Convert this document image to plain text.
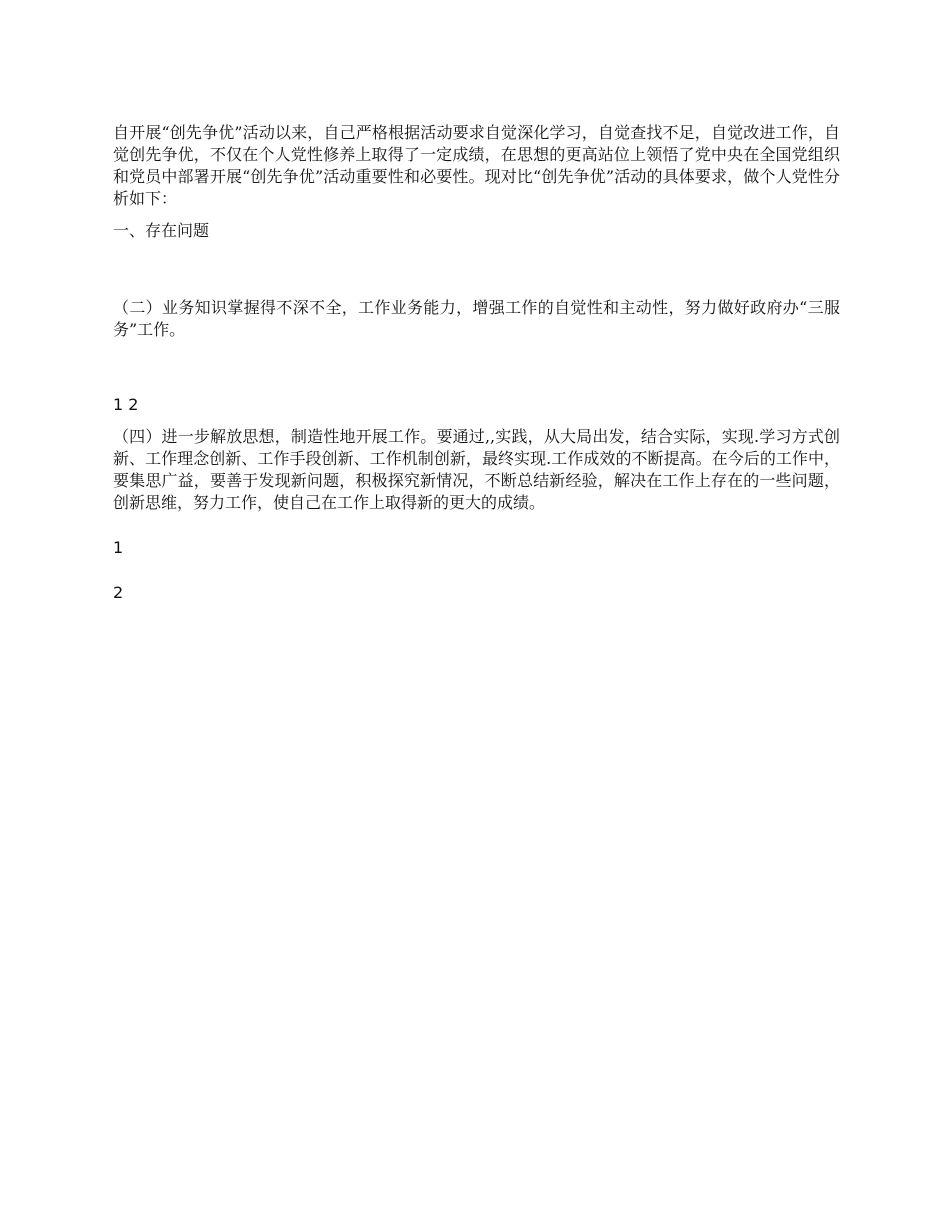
自开展“创先争优”活动以来，自己严格根据活动要求自觉深化学习，自觉查找不足，自觉改进工作，自觉创先争优，不仅在个人党性修养上取得了一定成绩，在思想的更高站位上领悟了党中央在全国党组织和党员中部署开展“创先争优”活动重要性和必要性。现对比“创先争优”活动的具体要求，做个人党性分析如下：

一、存在问题

（二）业务知识掌握得不深不全，工作业务能力，增强工作的自觉性和主动性，努力做好政府办“三服务”工作。

1 2

（四）进一步解放思想，制造性地开展工作。要通过,,实践，从大局出发，结合实际，实现.学习方式创新、工作理念创新、工作手段创新、工作机制创新，最终实现.工作成效的不断提高。在今后的工作中，要集思广益，要善于发现新问题，积极探究新情况，不断总结新经验，解决在工作上存在的一些问题，创新思维，努力工作，使自己在工作上取得新的更大的成绩。

1

2
